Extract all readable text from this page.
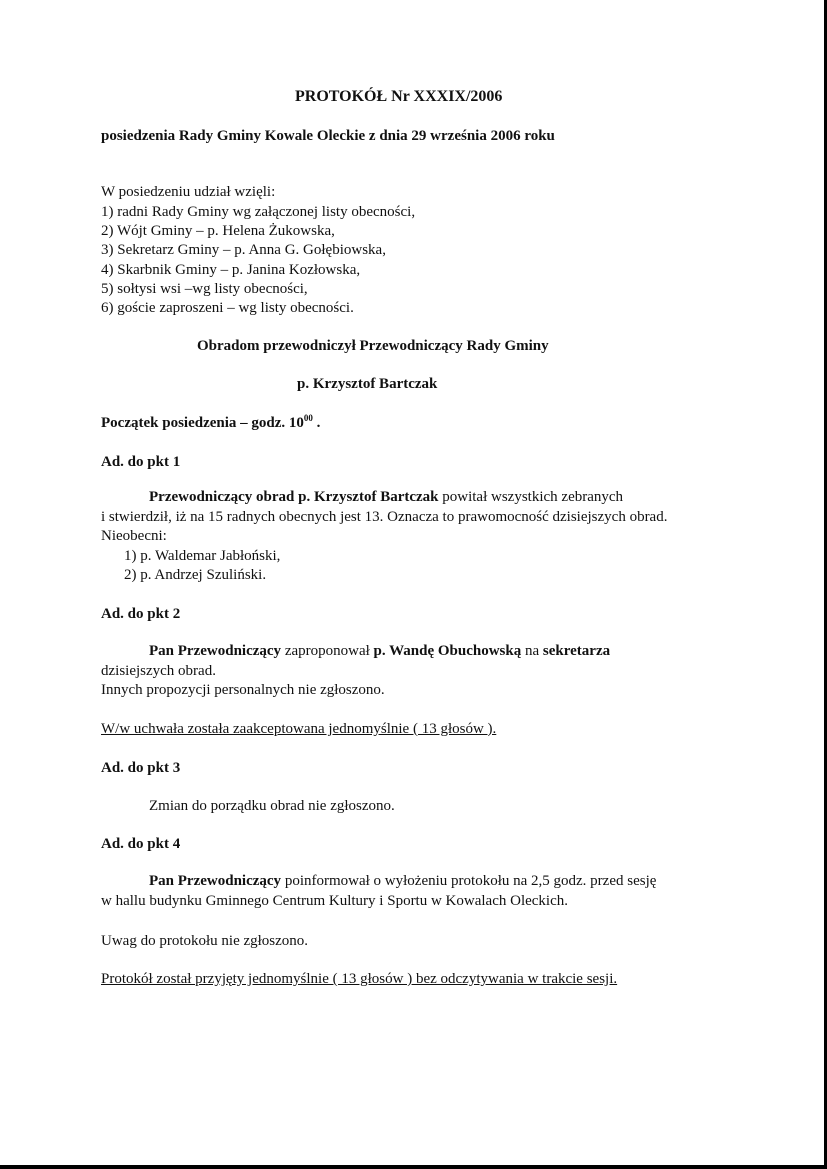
PROTOKÓŁ Nr XXXIX/2006
posiedzenia Rady Gminy Kowale Oleckie z dnia 29 września 2006 roku
W posiedzeniu udział wzięli:
1) radni Rady Gminy wg załączonej listy obecności,
2) Wójt Gminy – p. Helena Żukowska,
3) Sekretarz Gminy – p. Anna G. Gołębiowska,
4) Skarbnik Gminy – p. Janina Kozłowska,
5) sołtysi wsi –wg listy obecności,
6) goście zaproszeni – wg listy obecności.
Obradom przewodniczył Przewodniczący Rady Gminy
p. Krzysztof Bartczak
Początek posiedzenia – godz. $10^{00}$ .
Ad. do pkt 1
Przewodniczący obrad p. Krzysztof Bartczak powitał wszystkich zebranych
i stwierdził, iż na 15 radnych obecnych jest 13. Oznacza to prawomocność dzisiejszych obrad.
Nieobecni:
1) p. Waldemar Jabłoński,
2) p. Andrzej Szuliński.
Ad. do pkt 2
Pan Przewodniczący zaproponował p. Wandę Obuchowską na sekretarza
dzisiejszych obrad.
Innych propozycji personalnych nie zgłoszono.
W/w uchwała została zaakceptowana jednomyślnie ( 13 głosów ).
Ad. do pkt 3
Zmian do porządku obrad nie zgłoszono.
Ad. do pkt 4
Pan Przewodniczący poinformował o wyłożeniu protokołu na 2,5 godz. przed sesję
w hallu budynku Gminnego Centrum Kultury i Sportu w Kowalach Oleckich.
Uwag do protokołu nie zgłoszono.
Protokół został przyjęty jednomyślnie ( 13 głosów ) bez odczytywania w trakcie sesji.
